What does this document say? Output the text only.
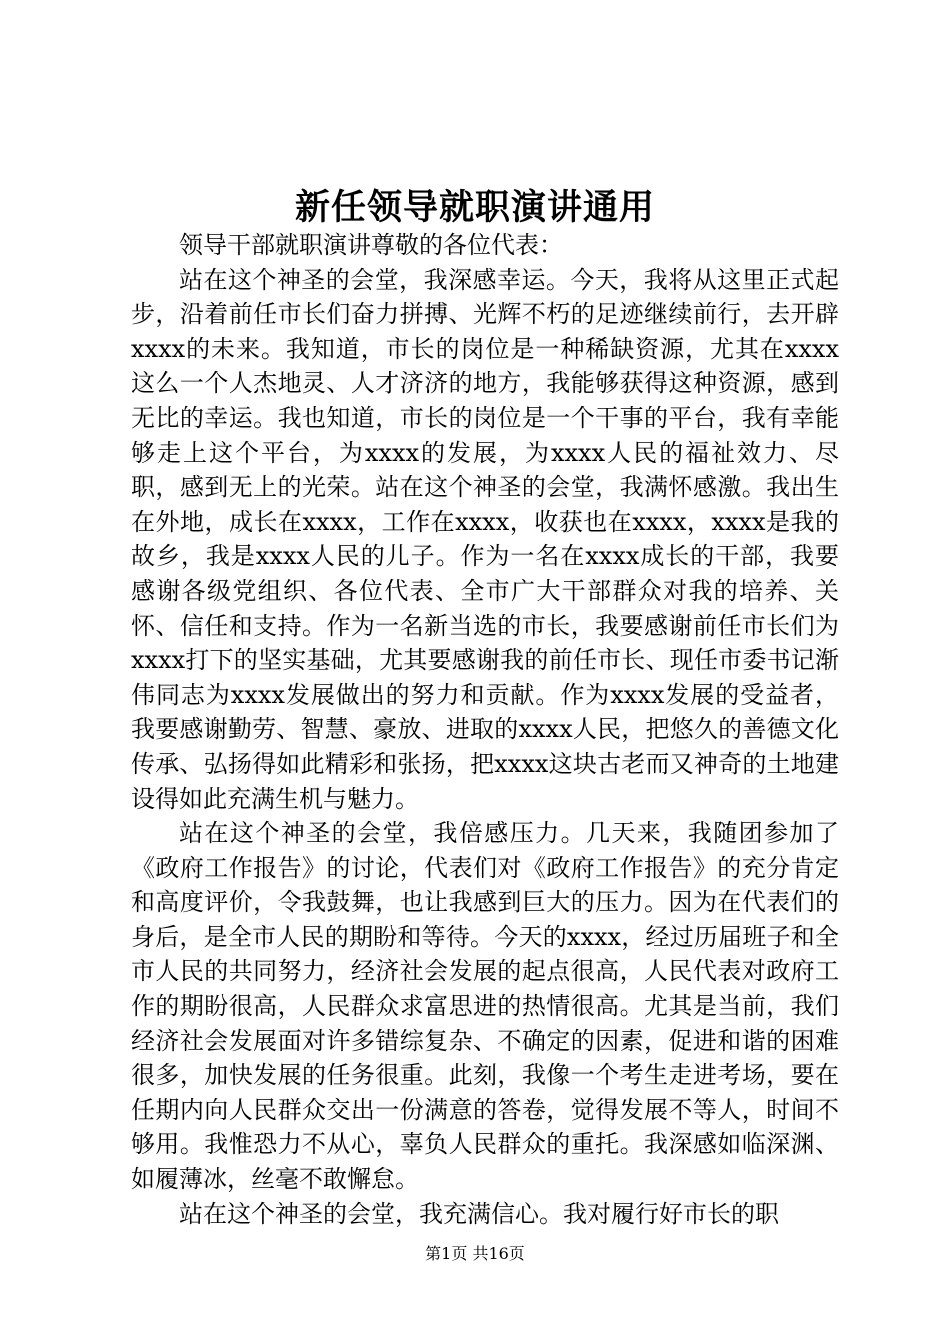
新任领导就职演讲通用

领导干部就职演讲尊敬的各位代表：

站在这个神圣的会堂，我深感幸运。今天，我将从这里正式起步，沿着前任市长们奋力拼搏、光辉不朽的足迹继续前行，去开辟xxxx的未来。我知道，市长的岗位是一种稀缺资源，尤其在xxxx这么一个人杰地灵、人才济济的地方，我能够获得这种资源，感到无比的幸运。我也知道，市长的岗位是一个干事的平台，我有幸能够走上这个平台，为xxxx的发展，为xxxx人民的福祉效力、尽职，感到无上的光荣。站在这个神圣的会堂，我满怀感激。我出生在外地，成长在xxxx，工作在xxxx，收获也在xxxx，xxxx是我的故乡，我是xxxx人民的儿子。作为一名在xxxx成长的干部，我要感谢各级党组织、各位代表、全市广大干部群众对我的培养、关怀、信任和支持。作为一名新当选的市长，我要感谢前任市长们为xxxx打下的坚实基础，尤其要感谢我的前任市长、现任市委书记渐伟同志为xxxx发展做出的努力和贡献。作为xxxx发展的受益者，我要感谢勤劳、智慧、豪放、进取的xxxx人民，把悠久的善德文化传承、弘扬得如此精彩和张扬，把xxxx这块古老而又神奇的土地建设得如此充满生机与魅力。

站在这个神圣的会堂，我倍感压力。几天来，我随团参加了《政府工作报告》的讨论，代表们对《政府工作报告》的充分肯定和高度评价，令我鼓舞，也让我感到巨大的压力。因为在代表们的身后，是全市人民的期盼和等待。今天的xxxx，经过历届班子和全市人民的共同努力，经济社会发展的起点很高，人民代表对政府工作的期盼很高，人民群众求富思进的热情很高。尤其是当前，我们经济社会发展面对许多错综复杂、不确定的因素，促进和谐的困难很多，加快发展的任务很重。此刻，我像一个考生走进考场，要在任期内向人民群众交出一份满意的答卷，觉得发展不等人，时间不够用。我惟恐力不从心，辜负人民群众的重托。我深感如临深渊、如履薄冰，丝毫不敢懈怠。

站在这个神圣的会堂，我充满信心。我对履行好市长的职

第1页 共16页
